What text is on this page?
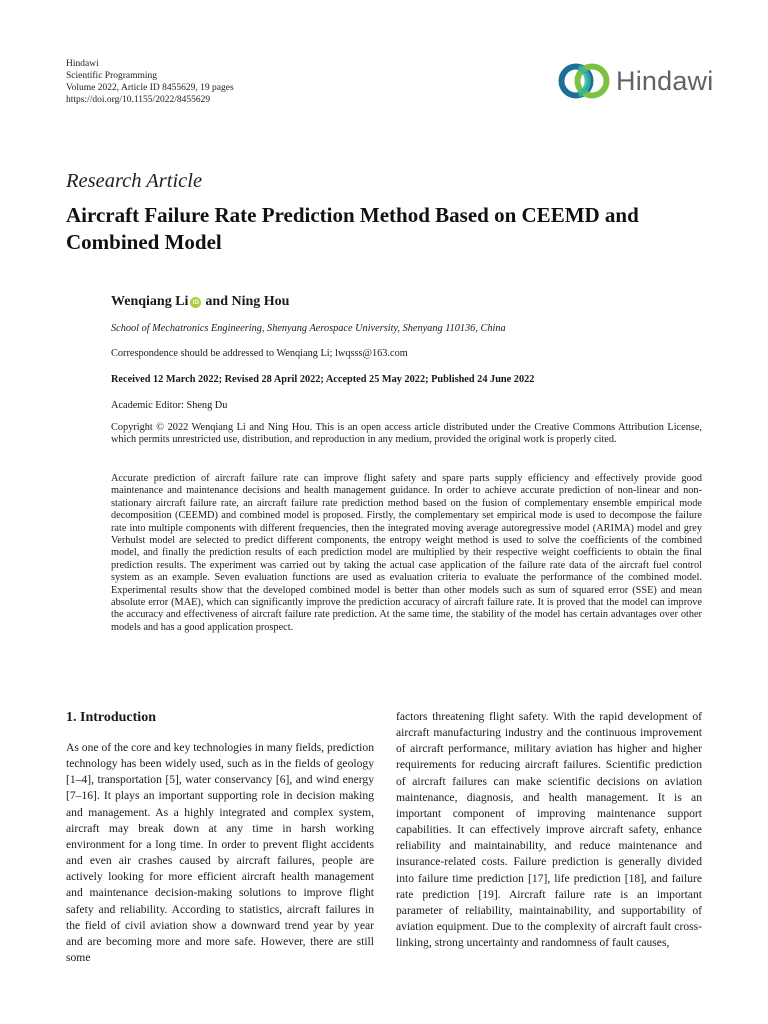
Hindawi
Scientific Programming
Volume 2022, Article ID 8455629, 19 pages
https://doi.org/10.1155/2022/8455629
Hindawi
Research Article
Aircraft Failure Rate Prediction Method Based on CEEMD and Combined Model
Wenqiang Li iD and Ning Hou
School of Mechatronics Engineering, Shenyang Aerospace University, Shenyang 110136, China
Correspondence should be addressed to Wenqiang Li; lwqsss@163.com
Received 12 March 2022; Revised 28 April 2022; Accepted 25 May 2022; Published 24 June 2022
Academic Editor: Sheng Du
Copyright © 2022 Wenqiang Li and Ning Hou. This is an open access article distributed under the Creative Commons Attribution License, which permits unrestricted use, distribution, and reproduction in any medium, provided the original work is properly cited.
Accurate prediction of aircraft failure rate can improve flight safety and spare parts supply efficiency and effectively provide good maintenance and maintenance decisions and health management guidance. In order to achieve accurate prediction of non-linear and non-stationary aircraft failure rate, an aircraft failure rate prediction method based on the fusion of complementary ensemble empirical mode decomposition (CEEMD) and combined model is proposed. Firstly, the complementary set empirical mode is used to decompose the failure rate into multiple components with different frequencies, then the integrated moving average autoregressive model (ARIMA) model and grey Verhulst model are selected to predict different components, the entropy weight method is used to solve the coefficients of the combined model, and finally the prediction results of each prediction model are multiplied by their respective weight coefficients to obtain the final prediction results. The experiment was carried out by taking the actual case application of the failure rate data of the aircraft fuel control system as an example. Seven evaluation functions are used as evaluation criteria to evaluate the performance of the combined model. Experimental results show that the developed combined model is better than other models such as sum of squared error (SSE) and mean absolute error (MAE), which can significantly improve the prediction accuracy of aircraft failure rate. It is proved that the model can improve the accuracy and effectiveness of aircraft failure rate prediction. At the same time, the stability of the model has certain advantages over other models and has a good application prospect.
1. Introduction
As one of the core and key technologies in many fields, prediction technology has been widely used, such as in the fields of geology [1–4], transportation [5], water conservancy [6], and wind energy [7–16]. It plays an important supporting role in decision making and management. As a highly integrated and complex system, aircraft may break down at any time in harsh working environment for a long time. In order to prevent flight accidents and even air crashes caused by aircraft failures, people are actively looking for more efficient aircraft health management and maintenance decision-making solutions to improve flight safety and reliability. According to statistics, aircraft failures in the field of civil aviation show a downward trend year by year and are becoming more and more safe. However, there are still some
factors threatening flight safety. With the rapid development of aircraft manufacturing industry and the continuous improvement of aircraft performance, military aviation has higher and higher requirements for reducing aircraft failures. Scientific prediction of aircraft failures can make scientific decisions on aviation maintenance, diagnosis, and health management. It is an important component of improving maintenance support capabilities. It can effectively improve aircraft safety, enhance reliability and maintainability, and reduce maintenance and insurance-related costs. Failure prediction is generally divided into failure time prediction [17], life prediction [18], and failure rate prediction [19]. Aircraft failure rate is an important parameter of reliability, maintainability, and supportability of aviation equipment. Due to the complexity of aircraft fault cross-linking, strong uncertainty and randomness of fault causes,
